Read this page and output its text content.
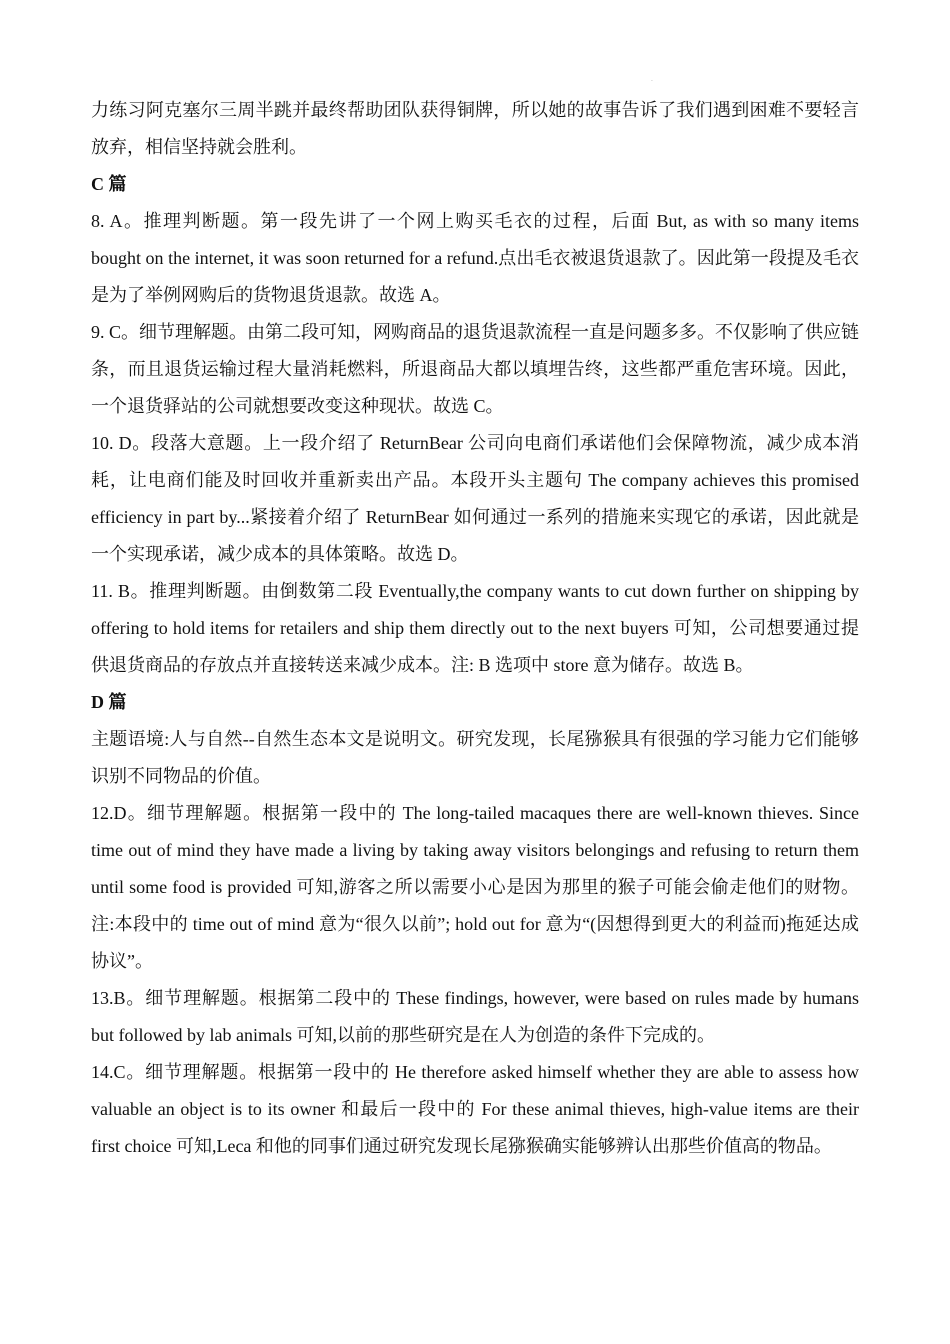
.

力练习阿克塞尔三周半跳并最终帮助团队获得铜牌，所以她的故事告诉了我们遇到困难不要轻言放弃，相信坚持就会胜利。

C 篇

8. A。推理判断题。第一段先讲了一个网上购买毛衣的过程，后面 But, as with so many items bought on the internet, it was soon returned for a refund.点出毛衣被退货退款了。因此第一段提及毛衣是为了举例网购后的货物退货退款。故选 A。

9. C。细节理解题。由第二段可知，网购商品的退货退款流程一直是问题多多。不仅影响了供应链条，而且退货运输过程大量消耗燃料，所退商品大都以填埋告终，这些都严重危害环境。因此，一个退货驿站的公司就想要改变这种现状。故选 C。

10. D。段落大意题。上一段介绍了 ReturnBear 公司向电商们承诺他们会保障物流，减少成本消耗，让电商们能及时回收并重新卖出产品。本段开头主题句 The company achieves this promised efficiency in part by...紧接着介绍了 ReturnBear 如何通过一系列的措施来实现它的承诺，因此就是一个实现承诺，减少成本的具体策略。故选 D。

11. B。推理判断题。由倒数第二段 Eventually,the company wants to cut down further on shipping by offering to hold items for retailers and ship them directly out to the next buyers 可知，公司想要通过提供退货商品的存放点并直接转送来减少成本。注: B 选项中 store 意为储存。故选 B。

D 篇

主题语境:人与自然--自然生态本文是说明文。研究发现，长尾猕猴具有很强的学习能力它们能够识别不同物品的价值。

12.D。细节理解题。根据第一段中的 The long-tailed macaques there are well-known thieves. Since time out of mind they have made a living by taking away visitors belongings and refusing to return them until some food is provided 可知,游客之所以需要小心是因为那里的猴子可能会偷走他们的财物。注:本段中的 time out of mind 意为“很久以前”; hold out for 意为“(因想得到更大的利益而)拖延达成协议”。

13.B。细节理解题。根据第二段中的 These findings, however, were based on rules made by humans but followed by lab animals 可知,以前的那些研究是在人为创造的条件下完成的。

14.C。细节理解题。根据第一段中的 He therefore asked himself whether they are able to assess how valuable an object is to its owner 和最后一段中的 For these animal thieves, high-value items are their first choice 可知,Leca 和他的同事们通过研究发现长尾猕猴确实能够辨认出那些价值高的物品。
